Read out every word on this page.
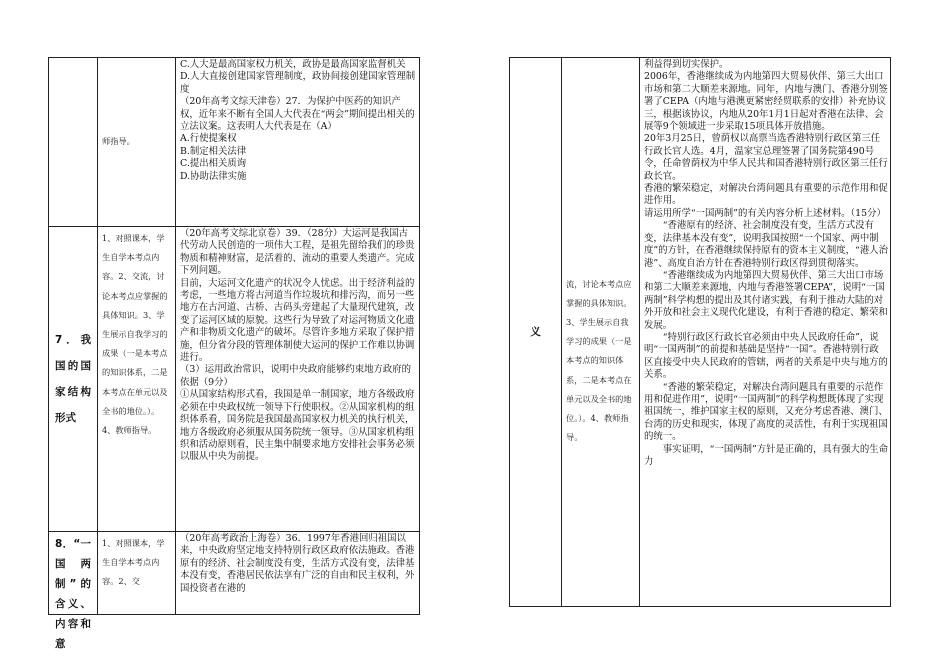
师指导。

C.人大是最高国家权力机关，政协是最高国家监督机关

D.人大直接创建国家管理制度，政协间接创建国家管理制度

（20年高考文综天津卷）27．为保护中医药的知识产权，近年来不断有全国人大代表在“两会”期间提出相关的立法议案。这表明人大代表是在（A）

A.行使提案权

B.制定相关法律

C.提出相关质询

D.协助法律实施

7．我国的国家结构形式
1、对照课本，学生自学本考点内容。2、交流，讨论本考点应掌握的具体知识。3、学生展示自我学习的成果（一是本考点的知识体系，二是本考点在单元以及全书的地位。）。4、教师指导。

（20年高考文综北京卷）39．（28分）大运河是我国古代劳动人民创造的一项伟大工程，是祖先留给我们的珍贵物质和精神财富，是活着的、流动的重要人类遗产。完成下列问题。

目前，大运河文化遗产的状况令人忧虑。出于经济利益的考虑，一些地方将古河道当作垃圾坑和排污沟，而另一些地方在古河道、古桥、古码头旁建起了大量现代建筑，改变了运河区域的原貌。这些行为导致了对运河物质文化遗产和非物质文化遗产的破坏。尽管许多地方采取了保护措施，但分省分段的管理体制使大运河的保护工作难以协调进行。

（3）运用政治常识，说明中央政府能够约束地方政府的依据（9分）

①从国家结构形式看，我国是单一制国家，地方各级政府必须在中央政权统一领导下行使职权。②从国家机构的组织体系看，国务院是我国最高国家权力机关的执行机关，地方各级政府必须服从国务院统一领导。③从国家机构组织和活动原则看，民主集中制要求地方安排社会事务必须以服从中央为前提。

8．“一国两制”的含义、内容和意
1、对照课本，学生自学本考点内容。2、交

（20年高考政治上海卷）36．1997年香港回归祖国以来，中央政府坚定地支持特别行政区政府依法施政。香港原有的经济、社会制度没有变，生活方式没有变，法律基本没有变，香港居民依法享有广泛的自由和民主权利，外国投资者在港的

义
流，讨论本考点应掌握的具体知识。3、学生展示自我学习的成果（一是本考点的知识体系，二是本考点在单元以及全书的地位。）。4、教师指导。

利益得到切实保护。

2006年，香港继续成为内地第四大贸易伙伴、第三大出口市场和第二大顺差来源地。同年，内地与澳门、香港分别签署了CEPA（内地与港澳更紧密经贸联系的安排）补充协议三，根据该协议，内地从20年1月1日起对香港在法律、会展等9个领域进一步采取15项具体开放措施。

20年3月25日，曾荫权以高票当选香港特别行政区第三任行政长官人选。4月，温家宝总理签署了国务院第490号令，任命曾荫权为中华人民共和国香港特别行政区第三任行政长官。

香港的繁荣稳定，对解决台湾问题具有重要的示范作用和促进作用。

请运用所学“一国两制”的有关内容分析上述材料。（15分）

“香港原有的经济、社会制度没有变，生活方式没有变，法律基本没有变”，说明我国按照“一个国家、两中制度”的方针，在香港继续保持原有的资本主义制度，“港人治港”、高度自治方针在香港特别行政区得到贯彻落实。

“香港继续成为内地第四大贸易伙伴、第三大出口市场和第二大顺差来源地，内地与香港签署CEPA”，说明“一国两制”科学构想的提出及其付诸实践，有利于推动大陆的对外开放和社会主义现代化建设，有利于香港的稳定、繁荣和发展。

“特别行政区行政长官必须由中央人民政府任命”，说明“一国两制”的前提和基础是坚持“一国”。香港特别行政区直接受中央人民政府的管辖，两者的关系是中央与地方的关系。

“香港的繁荣稳定，对解决台湾问题具有重要的示范作用和促进作用”，说明“一国两制”的科学构想既体现了实现祖国统一，维护国家主权的原则，又充分考虑香港、澳门、台湾的历史和现实，体现了高度的灵活性，有利于实现祖国的统一。

事实证明，“一国两制”方针是正确的，具有强大的生命力
